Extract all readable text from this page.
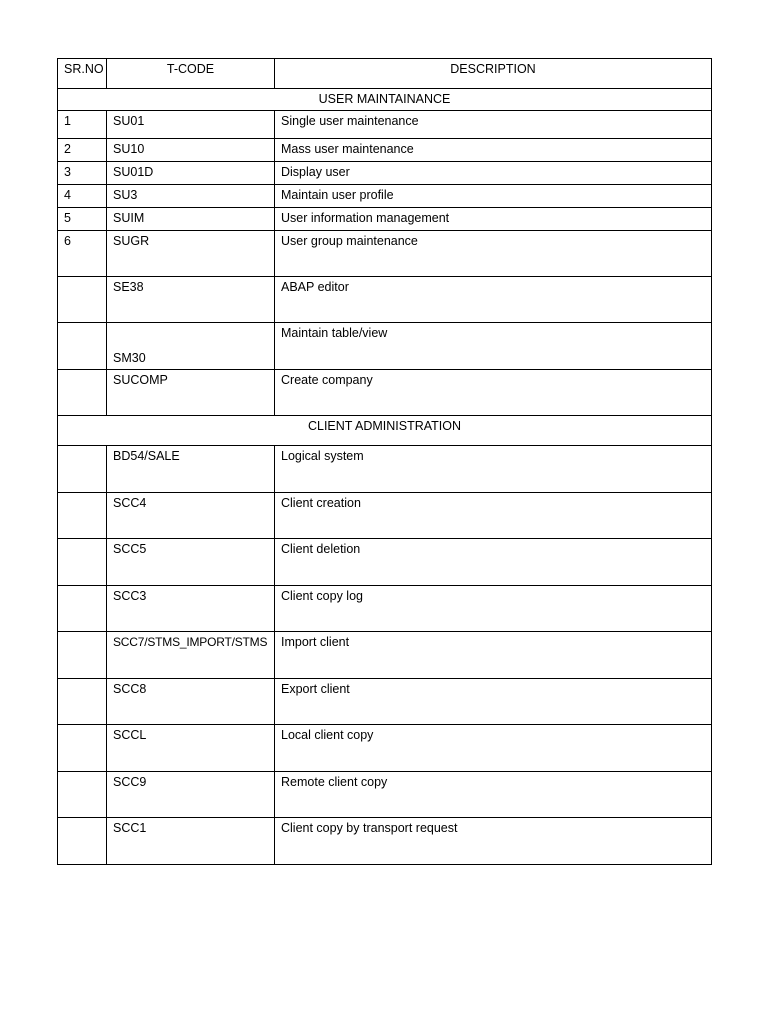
SR.NO	T-CODE	DESCRIPTION
USER MAINTAINANCE		
1	SU01	Single user maintenance
2	SU10	Mass user maintenance
3	SU01D	Display user
4	SU3	Maintain user profile
5	SUIM	User information management
6	SUGR	User group maintenance
	SE38	ABAP editor
	SM30	Maintain table/view
	SUCOMP	Create company
CLIENT ADMINISTRATION		
	BD54/SALE	Logical system
	SCC4	Client creation
	SCC5	Client deletion
	SCC3	Client copy log
	SCC7/STMS_IMPORT/STMS	Import client
	SCC8	Export client
	SCCL	Local client copy
	SCC9	Remote client copy
	SCC1	Client copy by transport request
